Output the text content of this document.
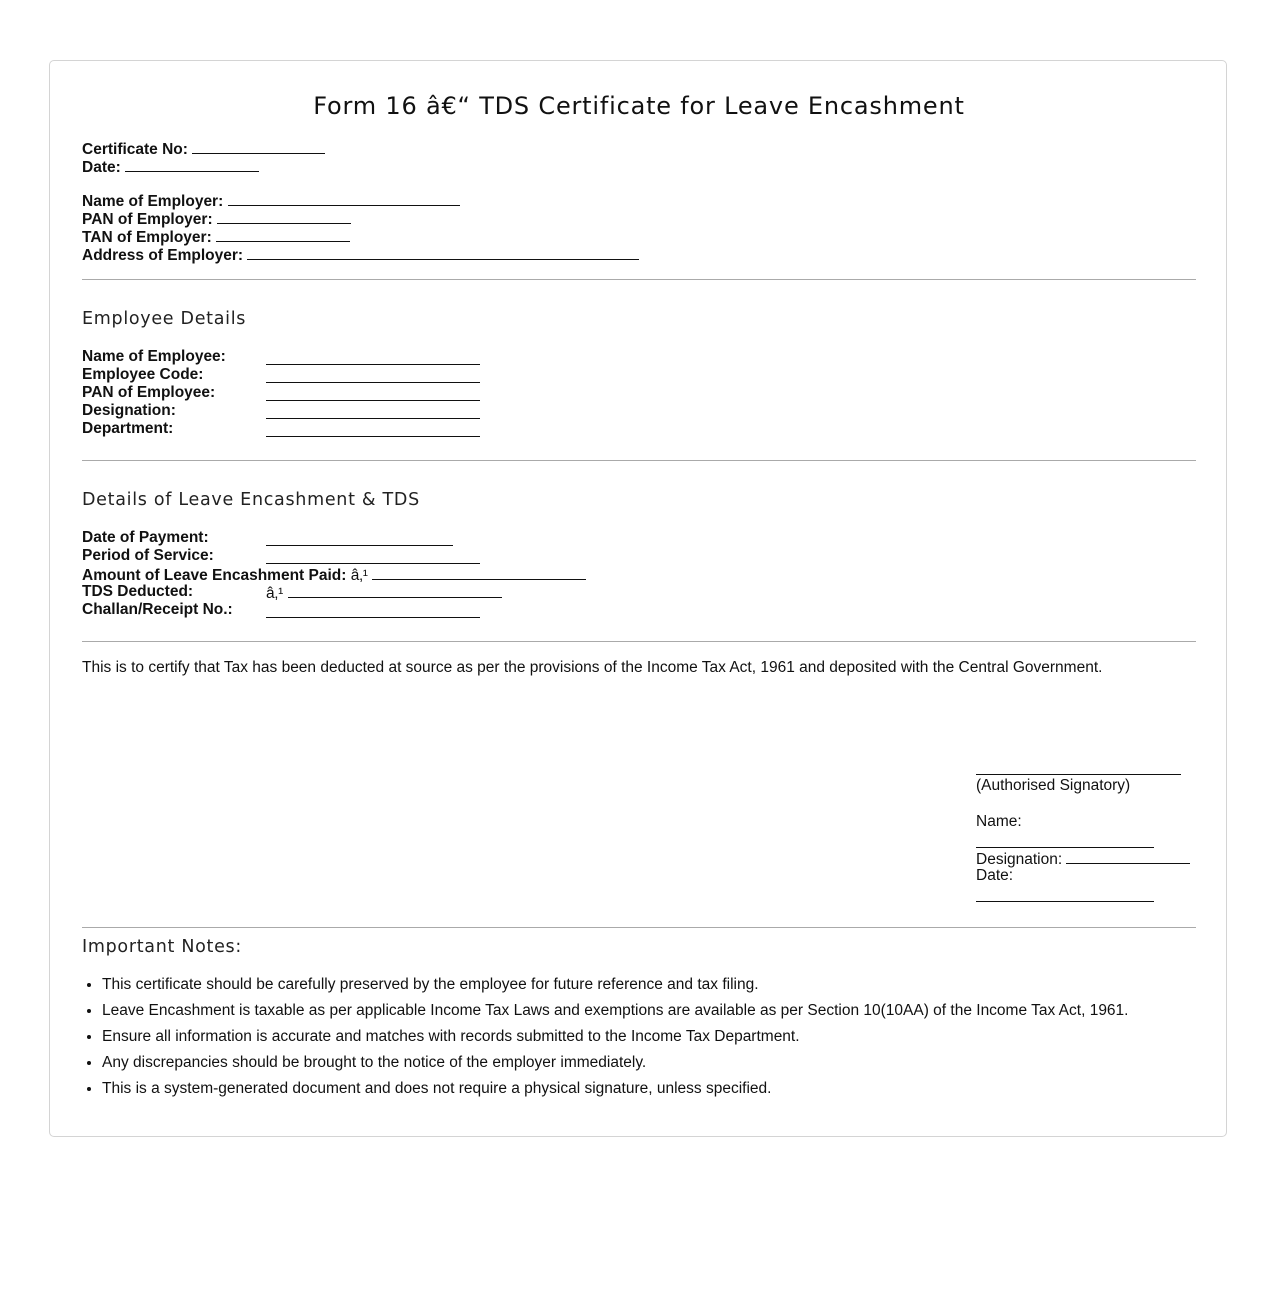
Form 16 â€“ TDS Certificate for Leave Encashment
Certificate No:
Date:
Name of Employer:
PAN of Employer:
TAN of Employer:
Address of Employer:
Employee Details
Name of Employee:
Employee Code:
PAN of Employee:
Designation:
Department:
Details of Leave Encashment & TDS
Date of Payment:
Period of Service:
Amount of Leave Encashment Paid: â‚¹
TDS Deducted:	â‚¹
Challan/Receipt No.:
This is to certify that Tax has been deducted at source as per the provisions of the Income Tax Act, 1961 and deposited with the Central Government.
(Authorised Signatory)
Name:
Designation:
Date:
Important Notes:
• This certificate should be carefully preserved by the employee for future reference and tax filing.
• Leave Encashment is taxable as per applicable Income Tax Laws and exemptions are available as per Section 10(10AA) of the Income Tax Act, 1961.
• Ensure all information is accurate and matches with records submitted to the Income Tax Department.
• Any discrepancies should be brought to the notice of the employer immediately.
• This is a system-generated document and does not require a physical signature, unless specified.
